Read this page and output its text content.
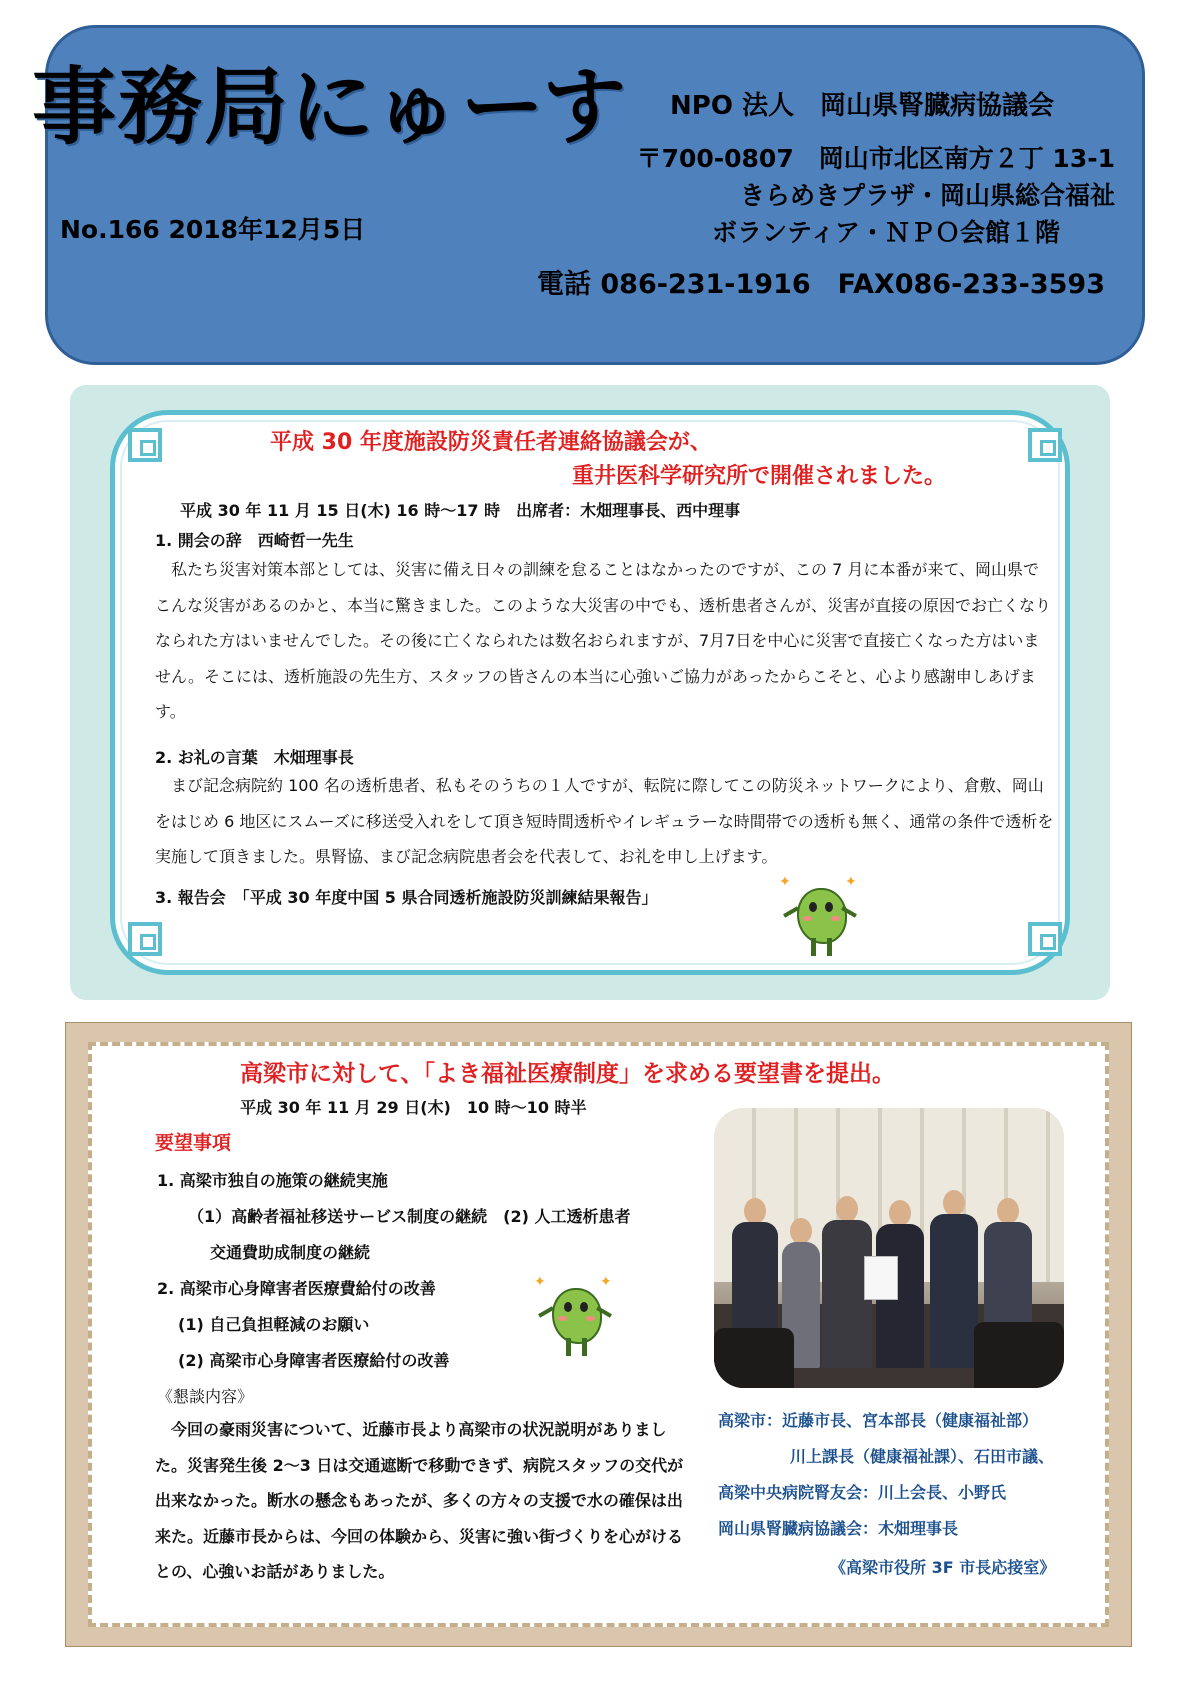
事務局にゅーす
No.166 2018年12月5日
NPO 法人　岡山県腎臓病協議会
〒700-0807　岡山市北区南方２丁 13-1
きらめきプラザ・岡山県総合福祉
ボランティア・ＮＰＯ会館１階
電話 086-231-1916　FAX086-233-3593
平成 30 年度施設防災責任者連絡協議会が、
重井医科学研究所で開催されました。
平成 30 年 11 月 15 日(木) 16 時～17 時　出席者：木畑理事長、西中理事
1. 開会の辞　西崎哲一先生
私たち災害対策本部としては、災害に備え日々の訓練を怠ることはなかったのですが、この 7 月に本番が来て、岡山県でこんな災害があるのかと、本当に驚きました。このような大災害の中でも、透析患者さんが、災害が直接の原因でお亡くなりなられた方はいませんでした。その後に亡くなられたは数名おられますが、7月7日を中心に災害で直接亡くなった方はいません。そこには、透析施設の先生方、スタッフの皆さんの本当に心強いご協力があったからこそと、心より感謝申しあげます。
2. お礼の言葉　木畑理事長
まび記念病院約 100 名の透析患者、私もそのうちの１人ですが、転院に際してこの防災ネットワークにより、倉敷、岡山をはじめ 6 地区にスムーズに移送受入れをして頂き短時間透析やイレギュラーな時間帯での透析も無く、通常の条件で透析を実施して頂きました。県腎協、まび記念病院患者会を代表して、お礼を申し上げます。
3. 報告会　「平成 30 年度中国 5 県合同透析施設防災訓練結果報告」
✦	✦
高梁市に対して、「よき福祉医療制度」を求める要望書を提出。
平成 30 年 11 月 29 日(木)　10 時～10 時半
要望事項
1. 高梁市独自の施策の継続実施
（1）高齢者福祉移送サービス制度の継続　(2) 人工透析患者
交通費助成制度の継続
2. 高梁市心身障害者医療費給付の改善
(1) 自己負担軽減のお願い
(2) 高梁市心身障害者医療給付の改善
《懇談内容》
今回の豪雨災害について、近藤市長より高梁市の状況説明がありました。災害発生後 2～3 日は交通遮断で移動できず、病院スタッフの交代が出来なかった。断水の懸念もあったが、多くの方々の支援で水の確保は出来た。近藤市長からは、今回の体験から、災害に強い街づくりを心がけるとの、心強いお話がありました。
✦	✦
高梁市：近藤市長、宮本部長（健康福祉部）
川上課長（健康福祉課）、石田市議、
高梁中央病院腎友会：川上会長、小野氏
岡山県腎臓病協議会：木畑理事長
《高梁市役所 3F 市長応接室》
